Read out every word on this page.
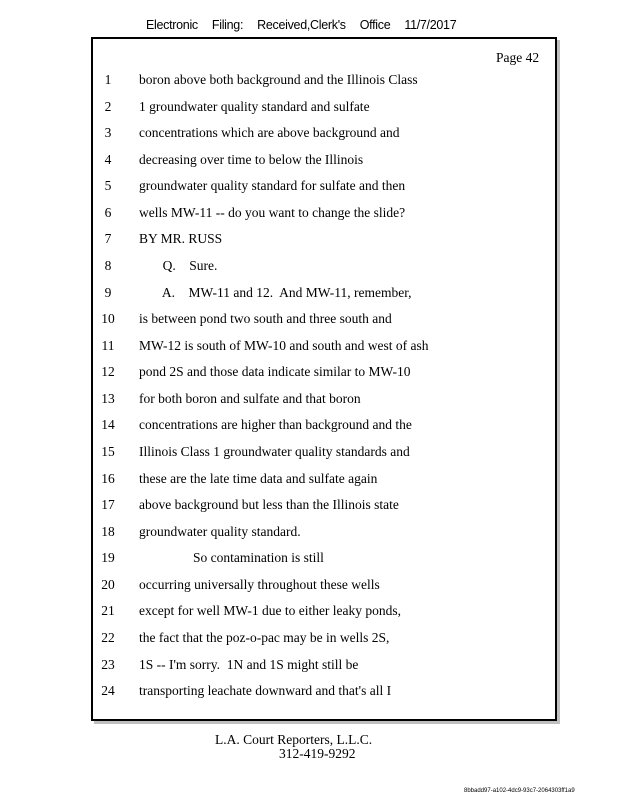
Electronic Filing: Received,Clerk's Office 11/7/2017
Page 42
1	boron above both background and the Illinois Class
2	1 groundwater quality standard and sulfate
3	concentrations which are above background and
4	decreasing over time to below the Illinois
5	groundwater quality standard for sulfate and then
6	wells MW-11 -- do you want to change the slide?
7	BY MR. RUSS
8	Q.    Sure.
9	A.    MW-11 and 12.  And MW-11, remember,
10 is between pond two south and three south and
11 MW-12 is south of MW-10 and south and west of ash
12 pond 2S and those data indicate similar to MW-10
13 for both boron and sulfate and that boron
14 concentrations are higher than background and the
15 Illinois Class 1 groundwater quality standards and
16 these are the late time data and sulfate again
17 above background but less than the Illinois state
18 groundwater quality standard.
19 So contamination is still
20 occurring universally throughout these wells
21 except for well MW-1 due to either leaky ponds,
22 the fact that the poz-o-pac may be in wells 2S,
23 1S -- I'm sorry.  1N and 1S might still be
24 transporting leachate downward and that's all I
L.A. Court Reporters, L.L.C.
312-419-9292
8bbadd97-a102-4dc9-93c7-2064303ff1a9
